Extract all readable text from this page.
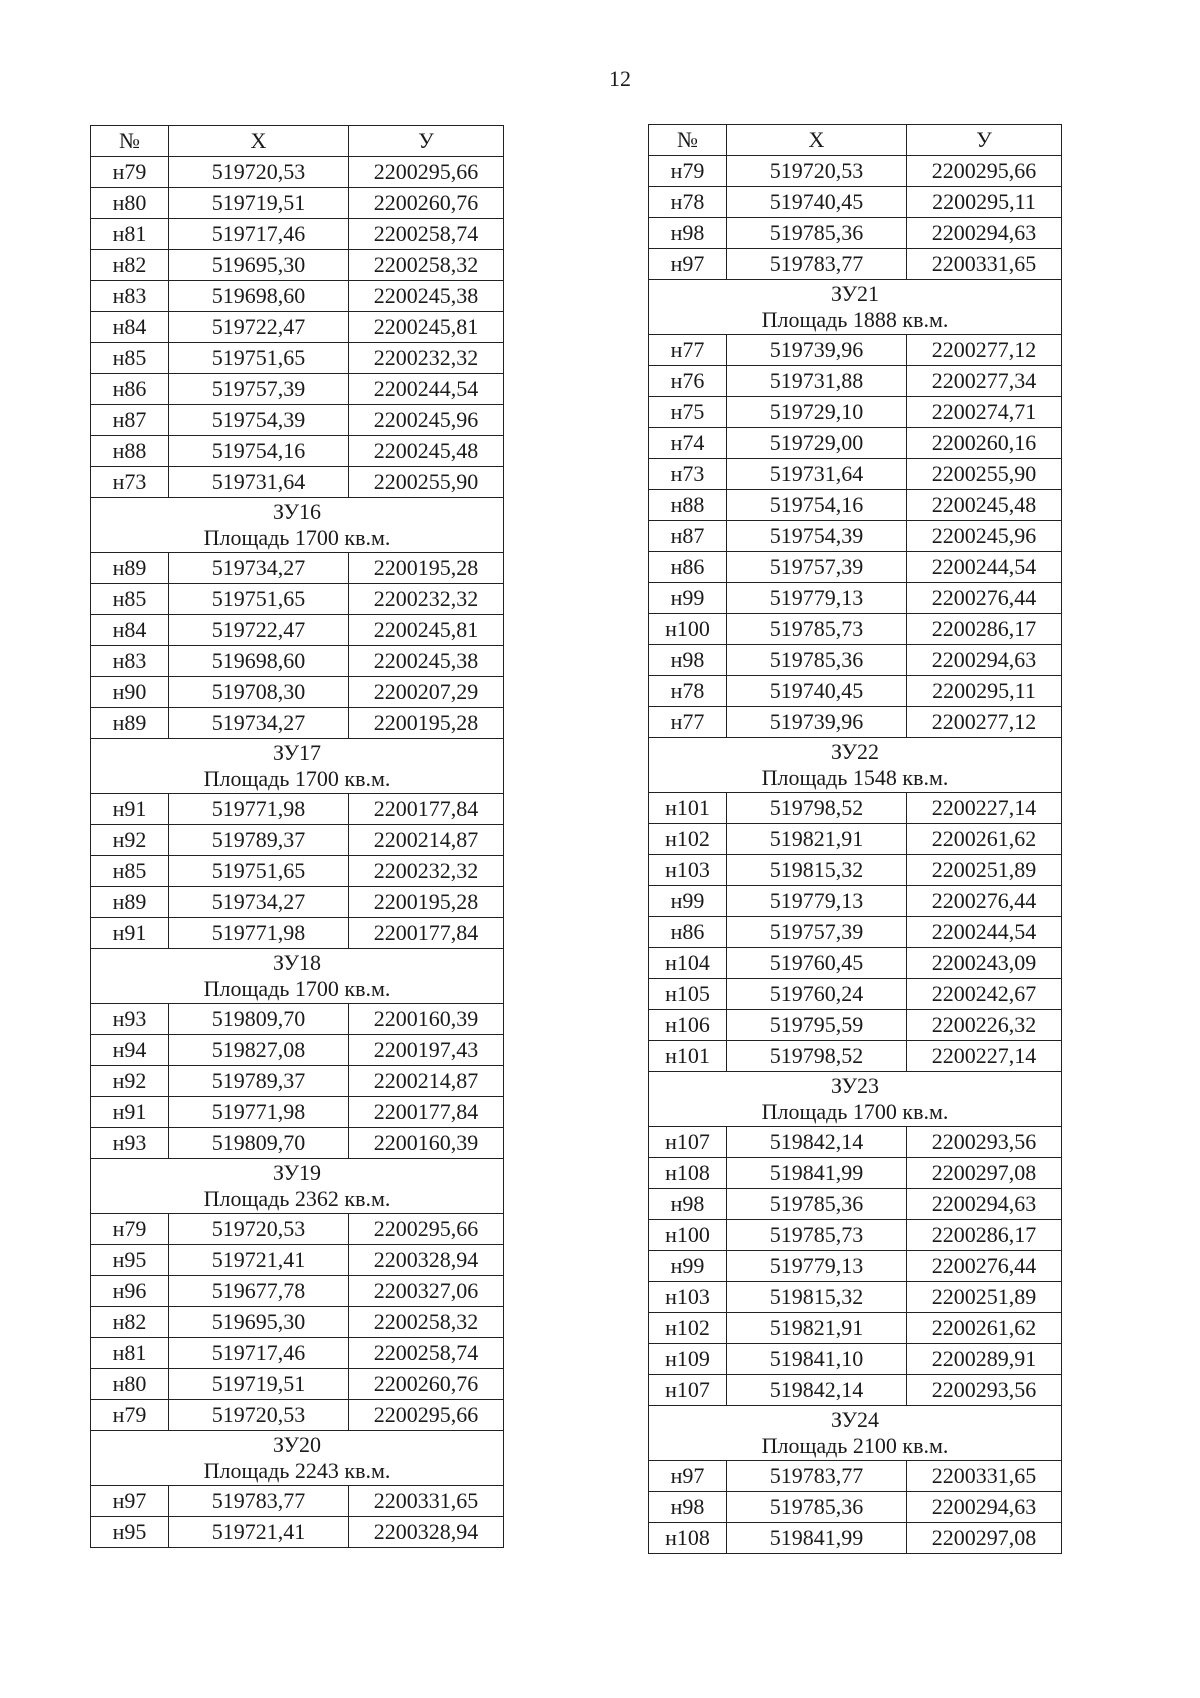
12
№	X	У
н79	519720,53	2200295,66
н80	519719,51	2200260,76
н81	519717,46	2200258,74
н82	519695,30	2200258,32
н83	519698,60	2200245,38
н84	519722,47	2200245,81
н85	519751,65	2200232,32
н86	519757,39	2200244,54
н87	519754,39	2200245,96
н88	519754,16	2200245,48
н73	519731,64	2200255,90

ЗУ16
Площадь 1700 кв.м.		

н89	519734,27	2200195,28
н85	519751,65	2200232,32
н84	519722,47	2200245,81
н83	519698,60	2200245,38
н90	519708,30	2200207,29
н89	519734,27	2200195,28

ЗУ17
Площадь 1700 кв.м.		

н91	519771,98	2200177,84
н92	519789,37	2200214,87
н85	519751,65	2200232,32
н89	519734,27	2200195,28
н91	519771,98	2200177,84

ЗУ18
Площадь 1700 кв.м.		

н93	519809,70	2200160,39
н94	519827,08	2200197,43
н92	519789,37	2200214,87
н91	519771,98	2200177,84
н93	519809,70	2200160,39

ЗУ19
Площадь 2362 кв.м.		

н79	519720,53	2200295,66
н95	519721,41	2200328,94
н96	519677,78	2200327,06
н82	519695,30	2200258,32
н81	519717,46	2200258,74
н80	519719,51	2200260,76
н79	519720,53	2200295,66

ЗУ20
Площадь 2243 кв.м.		

н97	519783,77	2200331,65
н95	519721,41	2200328,94
№	X	У
н79	519720,53	2200295,66
н78	519740,45	2200295,11
н98	519785,36	2200294,63
н97	519783,77	2200331,65

ЗУ21
Площадь 1888 кв.м.		

н77	519739,96	2200277,12
н76	519731,88	2200277,34
н75	519729,10	2200274,71
н74	519729,00	2200260,16
н73	519731,64	2200255,90
н88	519754,16	2200245,48
н87	519754,39	2200245,96
н86	519757,39	2200244,54
н99	519779,13	2200276,44
н100	519785,73	2200286,17
н98	519785,36	2200294,63
н78	519740,45	2200295,11
н77	519739,96	2200277,12

ЗУ22
Площадь 1548 кв.м.		

н101	519798,52	2200227,14
н102	519821,91	2200261,62
н103	519815,32	2200251,89
н99	519779,13	2200276,44
н86	519757,39	2200244,54
н104	519760,45	2200243,09
н105	519760,24	2200242,67
н106	519795,59	2200226,32
н101	519798,52	2200227,14

ЗУ23
Площадь 1700 кв.м.		

н107	519842,14	2200293,56
н108	519841,99	2200297,08
н98	519785,36	2200294,63
н100	519785,73	2200286,17
н99	519779,13	2200276,44
н103	519815,32	2200251,89
н102	519821,91	2200261,62
н109	519841,10	2200289,91
н107	519842,14	2200293,56

ЗУ24
Площадь 2100 кв.м.		

н97	519783,77	2200331,65
н98	519785,36	2200294,63
н108	519841,99	2200297,08
